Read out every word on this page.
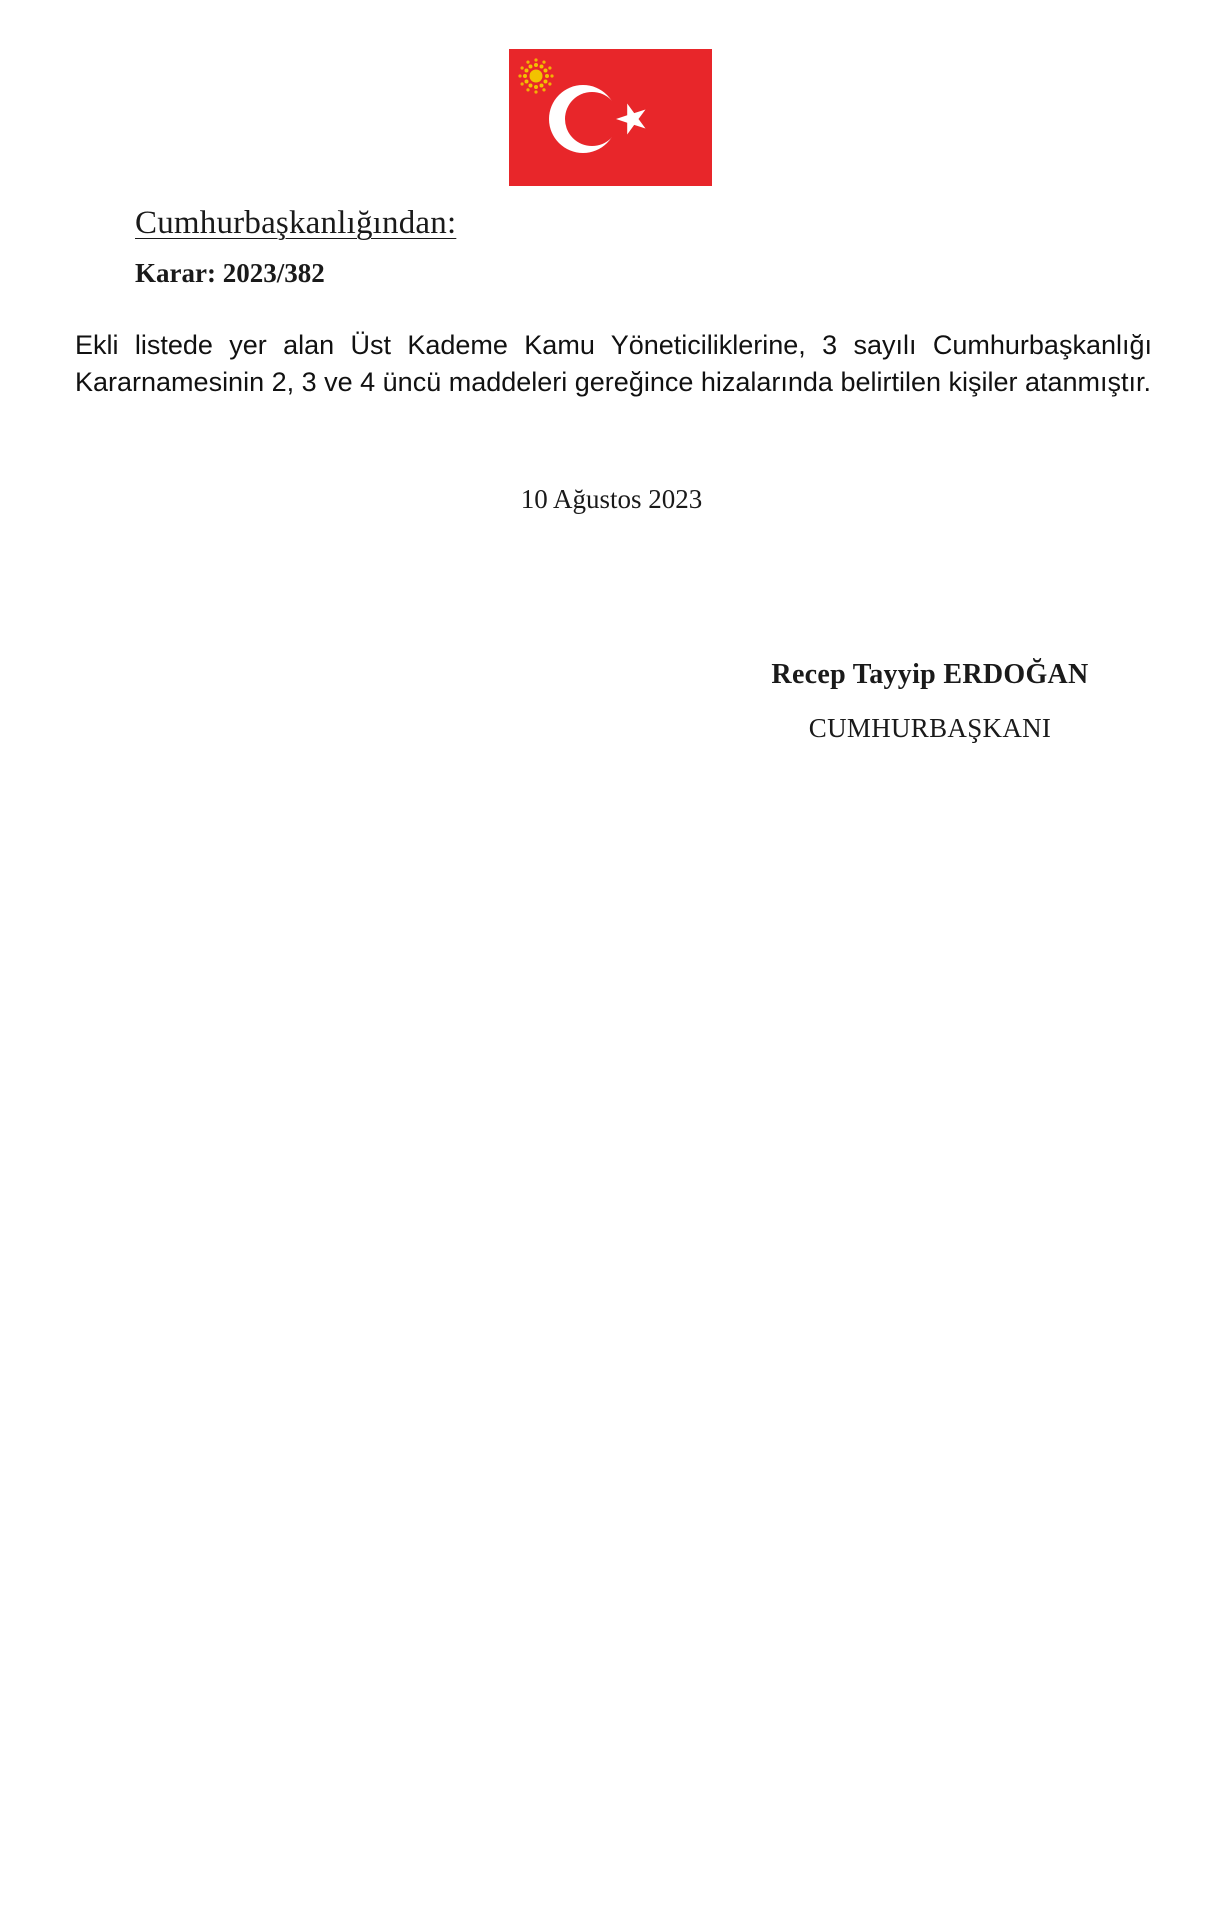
Cumhurbaşkanlığından:
Karar: 2023/382
Ekli listede yer alan Üst Kademe Kamu Yöneticiliklerine, 3 sayılı Cumhurbaşkanlığı Kararnamesinin 2, 3 ve 4 üncü maddeleri gereğince hizalarında belirtilen kişiler atanmıştır.
10 Ağustos 2023
Recep Tayyip ERDOĞAN
CUMHURBAŞKANI
